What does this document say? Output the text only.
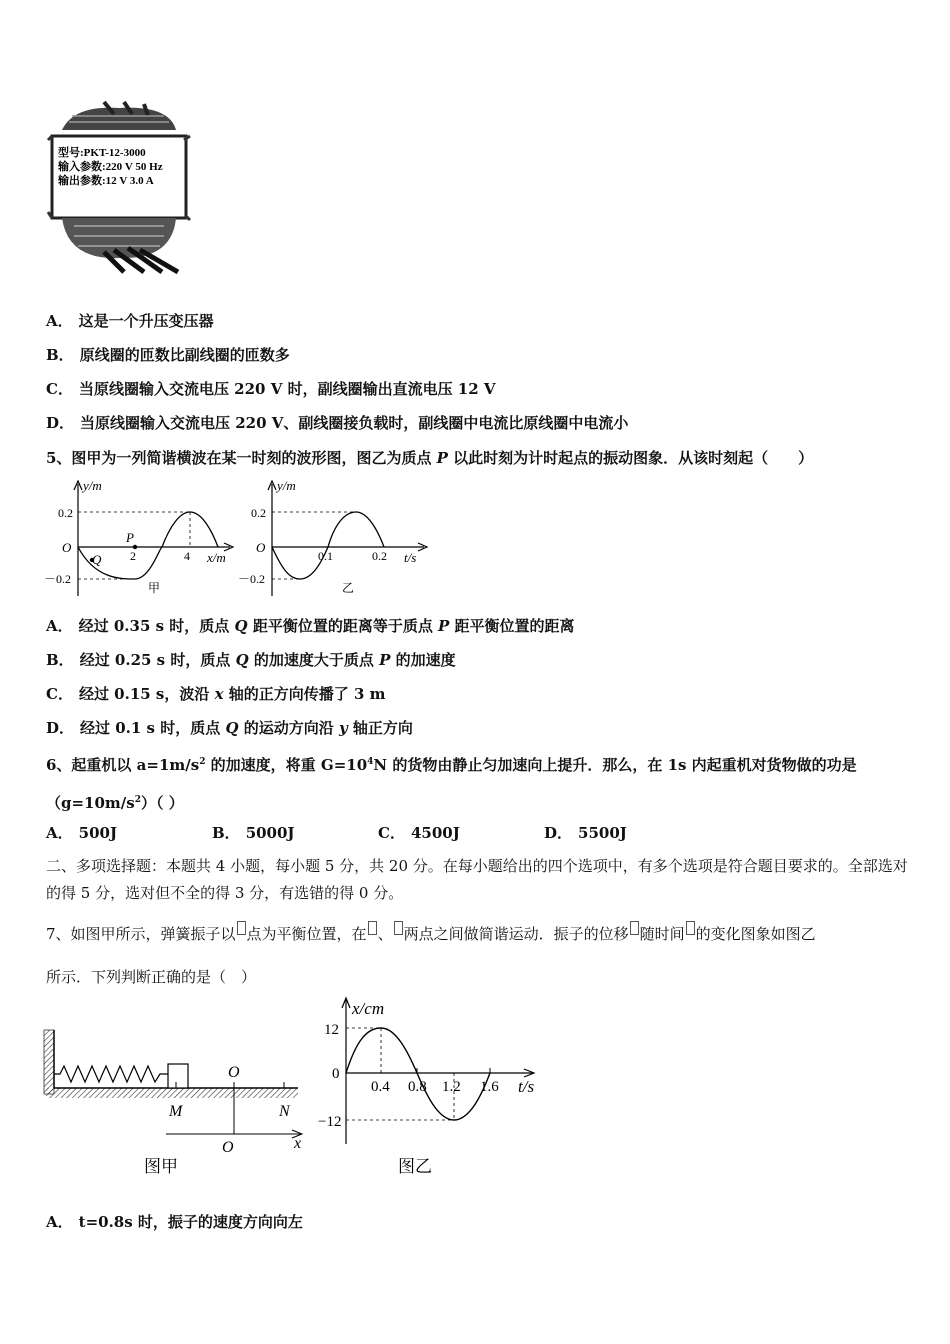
型号:PKT-12-3000
输入参数:220 V 50 Hz
输出参数:12 V 3.0 A
A． 这是一个升压变压器
B． 原线圈的匝数比副线圈的匝数多
C． 当原线圈输入交流电压 220 V 时，副线圈输出直流电压 12 V
D． 当原线圈输入交流电压 220 V、副线圈接负载时，副线圈中电流比原线圈中电流小
5、图甲为一列简谐横波在某一时刻的波形图，图乙为质点 P 以此时刻为计时起点的振动图象．从该时刻起（　　）
y/m
0.2
－0.2
O
2	4 x/m
P
Q
甲
y/m
0.2
－0.2
O
0.1	0.2 t/s
乙
A． 经过 0.35 s 时，质点 Q 距平衡位置的距离等于质点 P 距平衡位置的距离
B． 经过 0.25 s 时，质点 Q 的加速度大于质点 P 的加速度
C． 经过 0.15 s，波沿 x 轴的正方向传播了 3 m
D． 经过 0.1 s 时，质点 Q 的运动方向沿 y 轴正方向
6、起重机以 $a=1m/s^2$ 的加速度，将重 $G=10^4N$ 的货物由静止匀加速向上提升．那么，在 1s 内起重机对货物做的功是
$(g=10m/s^2)$（ ）
A． 500J	B． 5000J	C． 4500J	D． 5500J
二、多项选择题：本题共 4 小题，每小题 5 分，共 20 分。在每小题给出的四个选项中，有多个选项是符合题目要求的。全部选对的得 5 分，选对但不全的得 3 分，有选错的得 0 分。
7、如图甲所示，弹簧振子以 点为平衡位置，在 、 两点之间做简谐运动．振子的位移 随时间 的变化图象如图乙
所示．下列判断正确的是（　）
M
O
N
O	x
图甲
x/cm
12
0
−12
0.4 0.8 1.2 1.6 t/s
图乙
A． t=0.8s 时，振子的速度方向向左
